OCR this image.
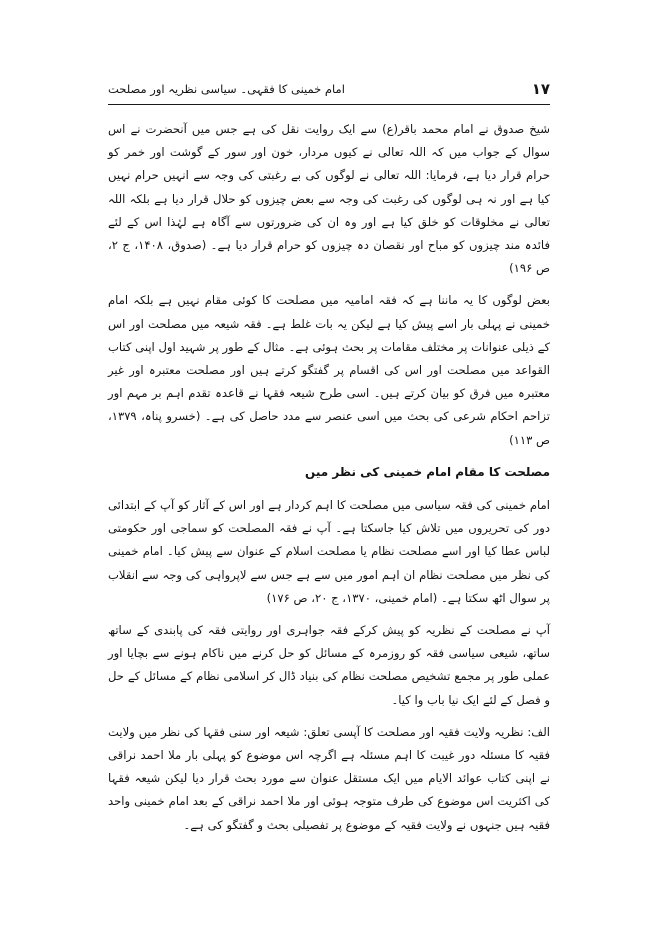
۱۷
امام خمینی کا فقہی۔ سیاسی نظریہ اور مصلحت

شیخ صدوق نے امام محمد باقر(ع) سے ایک روایت نقل کی ہے جس میں آنحضرت نے اس سوال کے جواب میں کہ اللہ تعالی نے کیوں مردار، خون اور سور کے گوشت اور خمر کو حرام قرار دیا ہے، فرمایا: اللہ تعالی نے لوگوں کی بے رغبتی کی وجہ سے انہیں حرام نہیں کیا ہے اور نہ ہی لوگوں کی رغبت کی وجہ سے بعض چیزوں کو حلال قرار دیا ہے بلکہ اللہ تعالی نے مخلوقات کو خلق کیا ہے اور وہ ان کی ضرورتوں سے آگاہ ہے لہٰذا اس کے لئے فائدہ مند چیزوں کو مباح اور نقصان دہ چیزوں کو حرام قرار دیا ہے۔ (صدوق، ۱۴۰۸، ج ۲، ص ۱۹۶)

بعض لوگوں کا یہ ماننا ہے کہ فقہ امامیہ میں مصلحت کا کوئی مقام نہیں ہے بلکہ امام خمینی نے پہلی بار اسے پیش کیا ہے لیکن یہ بات غلط ہے۔ فقہ شیعہ میں مصلحت اور اس کے ذیلی عنوانات پر مختلف مقامات پر بحث ہوئی ہے۔ مثال کے طور پر شہید اول اپنی کتاب القواعد میں مصلحت اور اس کی اقسام پر گفتگو کرتے ہیں اور مصلحت معتبرہ اور غیر معتبرہ میں فرق کو بیان کرتے ہیں۔ اسی طرح شیعہ فقہا نے قاعدہ تقدم اہم بر مہم اور تزاحم احکام شرعی کی بحث میں اسی عنصر سے مدد حاصل کی ہے۔ (خسرو پناہ، ۱۳۷۹، ص ۱۱۳)

مصلحت کا مقام امام خمینی کی نظر میں

امام خمینی کی فقہ سیاسی میں مصلحت کا اہم کردار ہے اور اس کے آثار کو آپ کے ابتدائی دور کی تحریروں میں تلاش کیا جاسکتا ہے۔ آپ نے فقہ المصلحت کو سماجی اور حکومتی لباس عطا کیا اور اسے مصلحت نظام یا مصلحت اسلام کے عنوان سے پیش کیا۔ امام خمینی کی نظر میں مصلحت نظام ان اہم امور میں سے ہے جس سے لاپرواہی کی وجہ سے انقلاب پر سوال اٹھ سکتا ہے۔ (امام خمینی، ۱۳۷۰، ج ۲۰، ص ۱۷۶)

آپ نے مصلحت کے نظریہ کو پیش کرکے فقہ جواہری اور روایتی فقہ کی پابندی کے ساتھ ساتھ، شیعی سیاسی فقہ کو روزمرہ کے مسائل کو حل کرنے میں ناکام ہونے سے بچایا اور عملی طور پر مجمع تشخیص مصلحت نظام کی بنیاد ڈال کر اسلامی نظام کے مسائل کے حل و فصل کے لئے ایک نیا باب وا کیا۔

الف: نظریہ ولایت فقیہ اور مصلحت کا آپسی تعلق: شیعہ اور سنی فقہا کی نظر میں ولایت فقیہ کا مسئلہ دور غیبت کا اہم مسئلہ ہے اگرچہ اس موضوع کو پہلی بار ملا احمد نراقی نے اپنی کتاب عوائد الایام میں ایک مستقل عنوان سے مورد بحث قرار دیا لیکن شیعہ فقہا کی اکثریت اس موضوع کی طرف متوجہ ہوئی اور ملا احمد نراقی کے بعد امام خمینی واحد فقیہ ہیں جنہوں نے ولایت فقیہ کے موضوع پر تفصیلی بحث و گفتگو کی ہے۔
